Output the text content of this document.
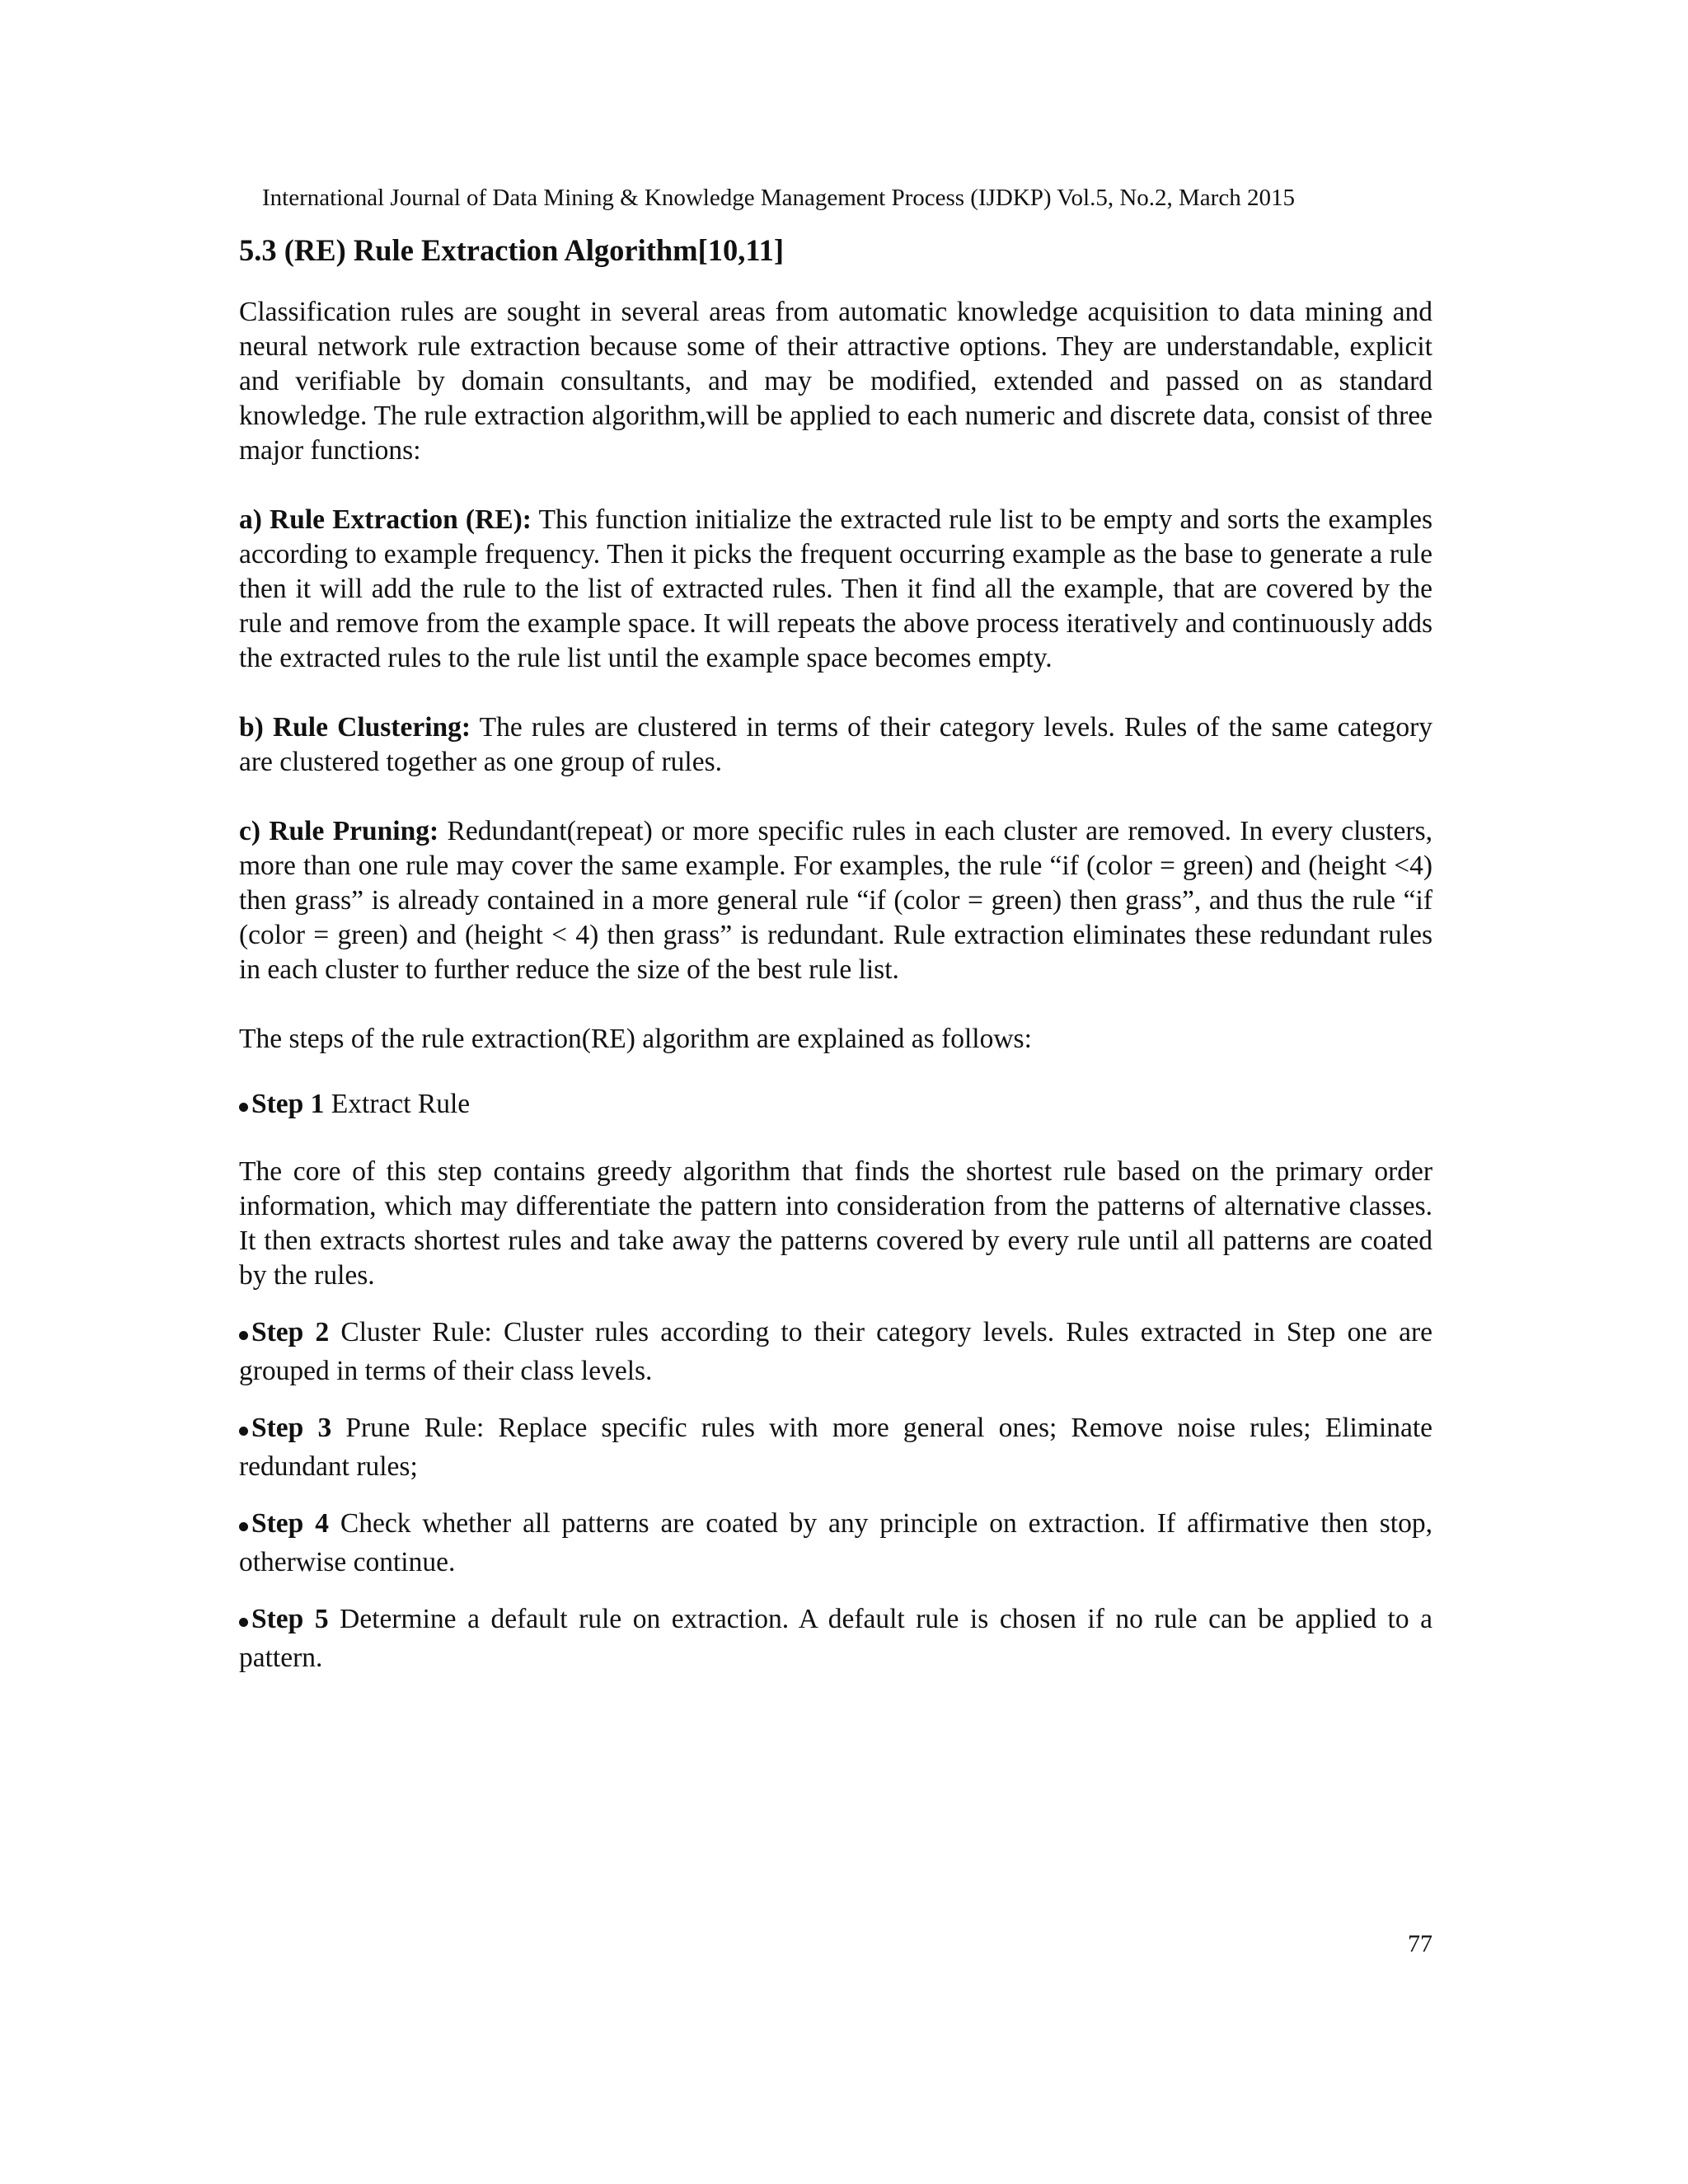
International Journal of Data Mining & Knowledge Management Process (IJDKP) Vol.5, No.2, March 2015
5.3 (RE) Rule Extraction Algorithm[10,11]

Classification rules are sought in several areas from automatic knowledge acquisition to data mining and neural network rule extraction because some of their attractive options. They are understandable, explicit and verifiable by domain consultants, and may be modified, extended and passed on as standard knowledge. The rule extraction algorithm,will be applied to each numeric and discrete data, consist of three major functions:

a) Rule Extraction (RE): This function initialize the extracted rule list to be empty and sorts the examples according to example frequency. Then it picks the frequent occurring example as the base to generate a rule then it will add the rule to the list of extracted rules. Then it find all the example, that are covered by the rule and remove from the example space. It will repeats the above process iteratively and continuously adds the extracted rules to the rule list until the example space becomes empty.

b) Rule Clustering: The rules are clustered in terms of their category levels. Rules of the same category are clustered together as one group of rules.

c) Rule Pruning: Redundant(repeat) or more specific rules in each cluster are removed. In every clusters, more than one rule may cover the same example. For examples, the rule “if (color = green) and (height <4) then grass” is already contained in a more general rule “if (color = green) then grass”, and thus the rule “if (color = green) and (height < 4) then grass” is redundant. Rule extraction eliminates these redundant rules in each cluster to further reduce the size of the best rule list.

The steps of the rule extraction(RE) algorithm are explained as follows:

Step 1 Extract Rule

The core of this step contains greedy algorithm that finds the shortest rule based on the primary order information, which may differentiate the pattern into consideration from the patterns of alternative classes. It then extracts shortest rules and take away the patterns covered by every rule until all patterns are coated by the rules.

Step 2 Cluster Rule: Cluster rules according to their category levels. Rules extracted in Step one are grouped in terms of their class levels.

Step 3 Prune Rule: Replace specific rules with more general ones; Remove noise rules; Eliminate redundant rules;

Step 4 Check whether all patterns are coated by any principle on extraction. If affirmative then stop, otherwise continue.

Step 5 Determine a default rule on extraction. A default rule is chosen if no rule can be applied to a pattern.

77
